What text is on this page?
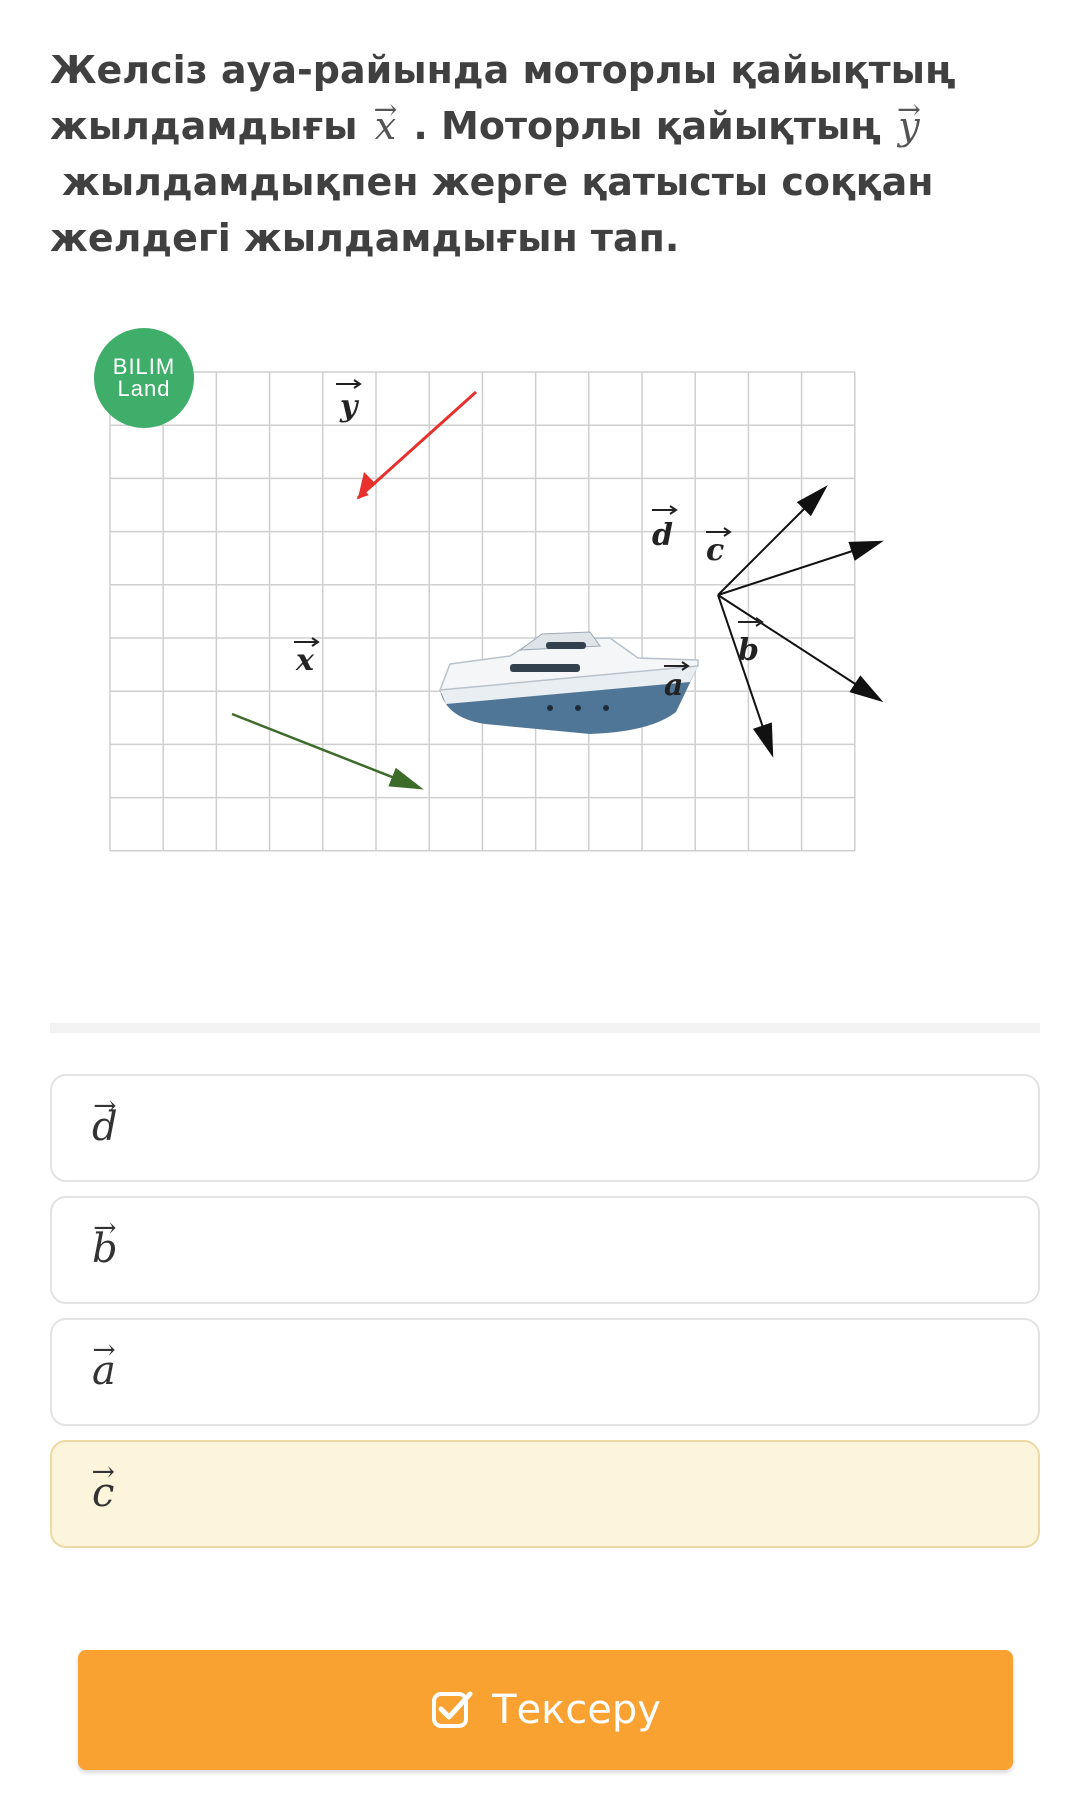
Желсіз ауа-райында моторлы қайықтың
жылдамдығы → x . Моторлы қайықтың → y
жылдамдықпен жерге қатысты соққан
желдегі жылдамдығын тап.
y
x
d c
b
a
BILIM
Land
→ d
→ b
→ a
→ c
Тексеру
